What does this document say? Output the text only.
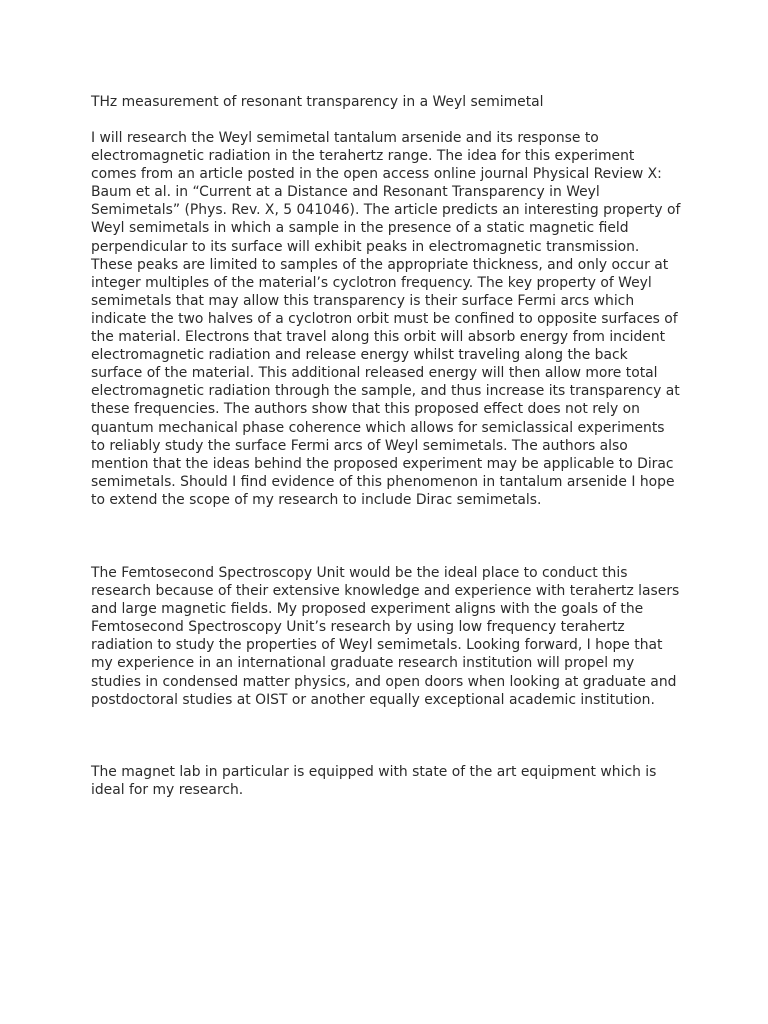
THz measurement of resonant transparency in a Weyl semimetal

I will research the Weyl semimetal tantalum arsenide and its response to electromagnetic radiation in the terahertz range. The idea for this experiment comes from an article posted in the open access online journal Physical Review X: Baum et al. in “Current at a Distance and Resonant Transparency in Weyl Semimetals” (Phys. Rev. X, 5 041046). The article predicts an interesting property of Weyl semimetals in which a sample in the presence of a static magnetic field perpendicular to its surface will exhibit peaks in electromagnetic transmission. These peaks are limited to samples of the appropriate thickness, and only occur at integer multiples of the material’s cyclotron frequency. The key property of Weyl semimetals that may allow this transparency is their surface Fermi arcs which indicate the two halves of a cyclotron orbit must be confined to opposite surfaces of the material. Electrons that travel along this orbit will absorb energy from incident electromagnetic radiation and release energy whilst traveling along the back surface of the material. This additional released energy will then allow more total electromagnetic radiation through the sample, and thus increase its transparency at these frequencies. The authors show that this proposed effect does not rely on quantum mechanical phase coherence which allows for semiclassical experiments to reliably study the surface Fermi arcs of Weyl semimetals. The authors also mention that the ideas behind the proposed experiment may be applicable to Dirac semimetals. Should I find evidence of this phenomenon in tantalum arsenide I hope to extend the scope of my research to include Dirac semimetals.

The Femtosecond Spectroscopy Unit would be the ideal place to conduct this research because of their extensive knowledge and experience with terahertz lasers and large magnetic fields. My proposed experiment aligns with the goals of the Femtosecond Spectroscopy Unit’s research by using low frequency terahertz radiation to study the properties of Weyl semimetals. Looking forward, I hope that my experience in an international graduate research institution will propel my studies in condensed matter physics, and open doors when looking at graduate and postdoctoral studies at OIST or another equally exceptional academic institution.

The magnet lab in particular is equipped with state of the art equipment which is ideal for my research.
